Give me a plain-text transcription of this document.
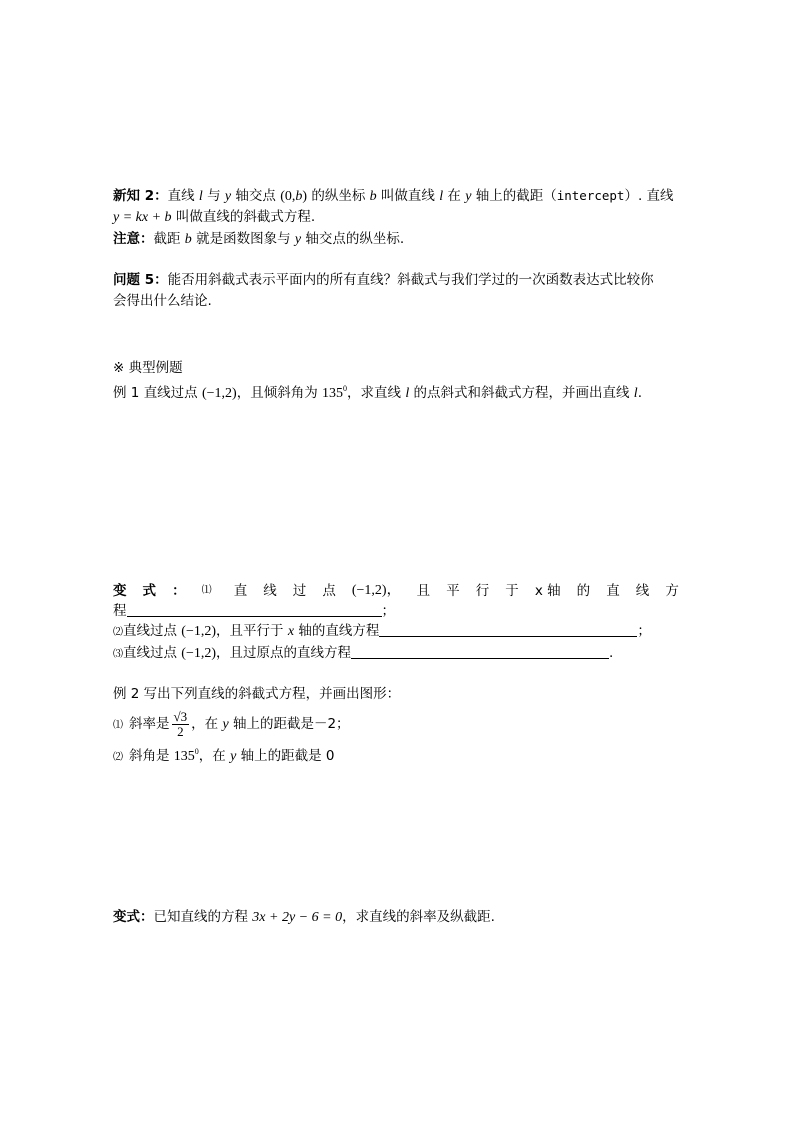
新知 2：直线 l 与 y 轴交点 (0,b) 的纵坐标 b 叫做直线 l 在 y 轴上的截距（intercept）. 直线
y = kx + b 叫做直线的斜截式方程.
注意：截距 b 就是函数图象与 y 轴交点的纵坐标.
问题 5：能否用斜截式表示平面内的所有直线？斜截式与我们学过的一次函数表达式比较你
会得出什么结论.
※ 典型例题
例 1 直线过点 (−1,2)，且倾斜角为 $135^0$，求直线 l 的点斜式和斜截式方程，并画出直线 l.
变 式 ： ⑴ 直 线 过 点 (−1,2)， 且 平 行 于 x 轴 的 直 线 方
程	；
⑵直线过点 (−1,2)，且平行于 x 轴的直线方程	；
⑶直线过点 (−1,2)，且过原点的直线方程	.
例 2 写出下列直线的斜截式方程，并画出图形：
⑴ 斜率是 $\frac{√3}{2}$ ，在 y 轴上的距截是－2；
⑵ 斜角是 $135^0$，在 y 轴上的距截是 0
变式：已知直线的方程 3x + 2y − 6 = 0，求直线的斜率及纵截距.
